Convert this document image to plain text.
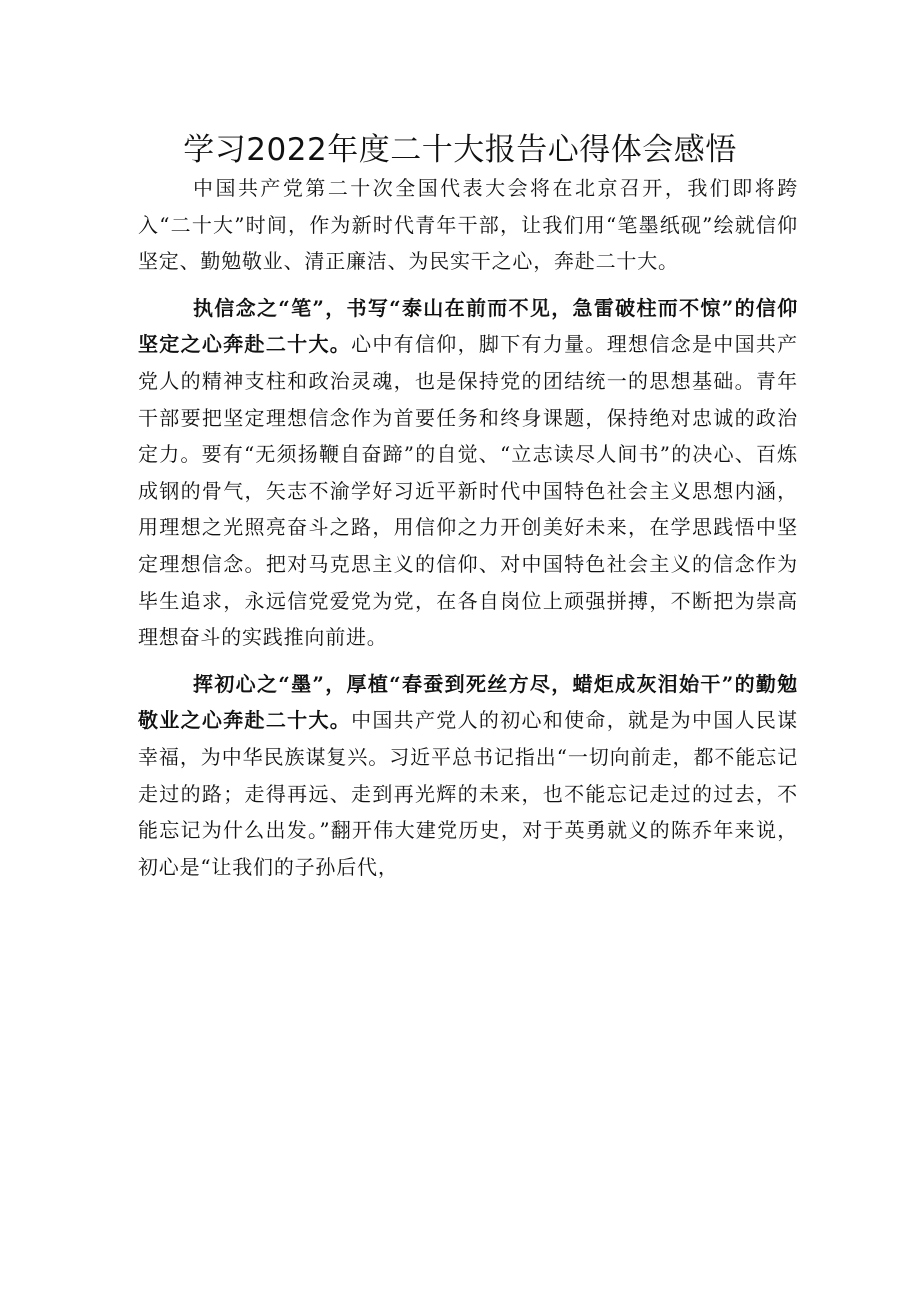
学习2022年度二十大报告心得体会感悟

中国共产党第二十次全国代表大会将在北京召开，我们即将跨入“二十大”时间，作为新时代青年干部，让我们用“笔墨纸砚”绘就信仰坚定、勤勉敬业、清正廉洁、为民实干之心，奔赴二十大。

执信念之“笔”，书写“泰山在前而不见，急雷破柱而不惊”的信仰坚定之心奔赴二十大。心中有信仰，脚下有力量。理想信念是中国共产党人的精神支柱和政治灵魂，也是保持党的团结统一的思想基础。青年干部要把坚定理想信念作为首要任务和终身课题，保持绝对忠诚的政治定力。要有“无须扬鞭自奋蹄”的自觉、“立志读尽人间书”的决心、百炼成钢的骨气，矢志不渝学好习近平新时代中国特色社会主义思想内涵，用理想之光照亮奋斗之路，用信仰之力开创美好未来，在学思践悟中坚定理想信念。把对马克思主义的信仰、对中国特色社会主义的信念作为毕生追求，永远信党爱党为党，在各自岗位上顽强拼搏，不断把为崇高理想奋斗的实践推向前进。

挥初心之“墨”，厚植“春蚕到死丝方尽，蜡炬成灰泪始干”的勤勉敬业之心奔赴二十大。中国共产党人的初心和使命，就是为中国人民谋幸福，为中华民族谋复兴。习近平总书记指出“一切向前走，都不能忘记走过的路；走得再远、走到再光辉的未来，也不能忘记走过的过去，不能忘记为什么出发。”翻开伟大建党历史，对于英勇就义的陈乔年来说，初心是“让我们的子孙后代，
